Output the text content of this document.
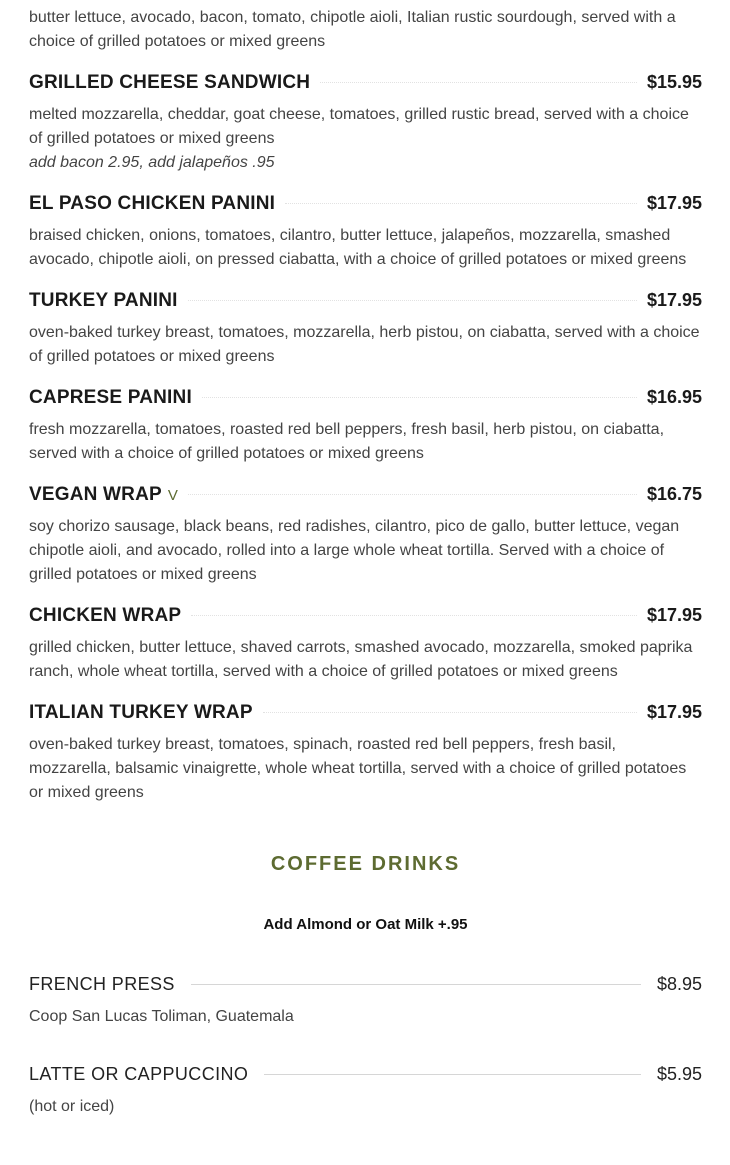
butter lettuce, avocado, bacon, tomato, chipotle aioli, Italian rustic sourdough, served with a choice of grilled potatoes or mixed greens
GRILLED CHEESE SANDWICH	$15.95
melted mozzarella, cheddar, goat cheese, tomatoes, grilled rustic bread, served with a choice of grilled potatoes or mixed greens
add bacon 2.95, add jalapeños .95
EL PASO CHICKEN PANINI	$17.95
braised chicken, onions, tomatoes, cilantro, butter lettuce, jalapeños, mozzarella, smashed avocado, chipotle aioli, on pressed ciabatta, with a choice of grilled potatoes or mixed greens
TURKEY PANINI	$17.95
oven-baked turkey breast, tomatoes, mozzarella, herb pistou, on ciabatta, served with a choice of grilled potatoes or mixed greens
CAPRESE PANINI	$16.95
fresh mozzarella, tomatoes, roasted red bell peppers, fresh basil, herb pistou, on ciabatta, served with a choice of grilled potatoes or mixed greens
VEGAN WRAP V	$16.75
soy chorizo sausage, black beans, red radishes, cilantro, pico de gallo, butter lettuce, vegan chipotle aioli, and avocado, rolled into a large whole wheat tortilla. Served with a choice of grilled potatoes or mixed greens
CHICKEN WRAP	$17.95
grilled chicken, butter lettuce, shaved carrots, smashed avocado, mozzarella, smoked paprika ranch, whole wheat tortilla, served with a choice of grilled potatoes or mixed greens
ITALIAN TURKEY WRAP	$17.95
oven-baked turkey breast, tomatoes, spinach, roasted red bell peppers, fresh basil, mozzarella, balsamic vinaigrette, whole wheat tortilla, served with a choice of grilled potatoes or mixed greens
COFFEE DRINKS
Add Almond or Oat Milk +.95
FRENCH PRESS	$8.95
Coop San Lucas Toliman, Guatemala
LATTE OR CAPPUCCINO	$5.95
(hot or iced)
